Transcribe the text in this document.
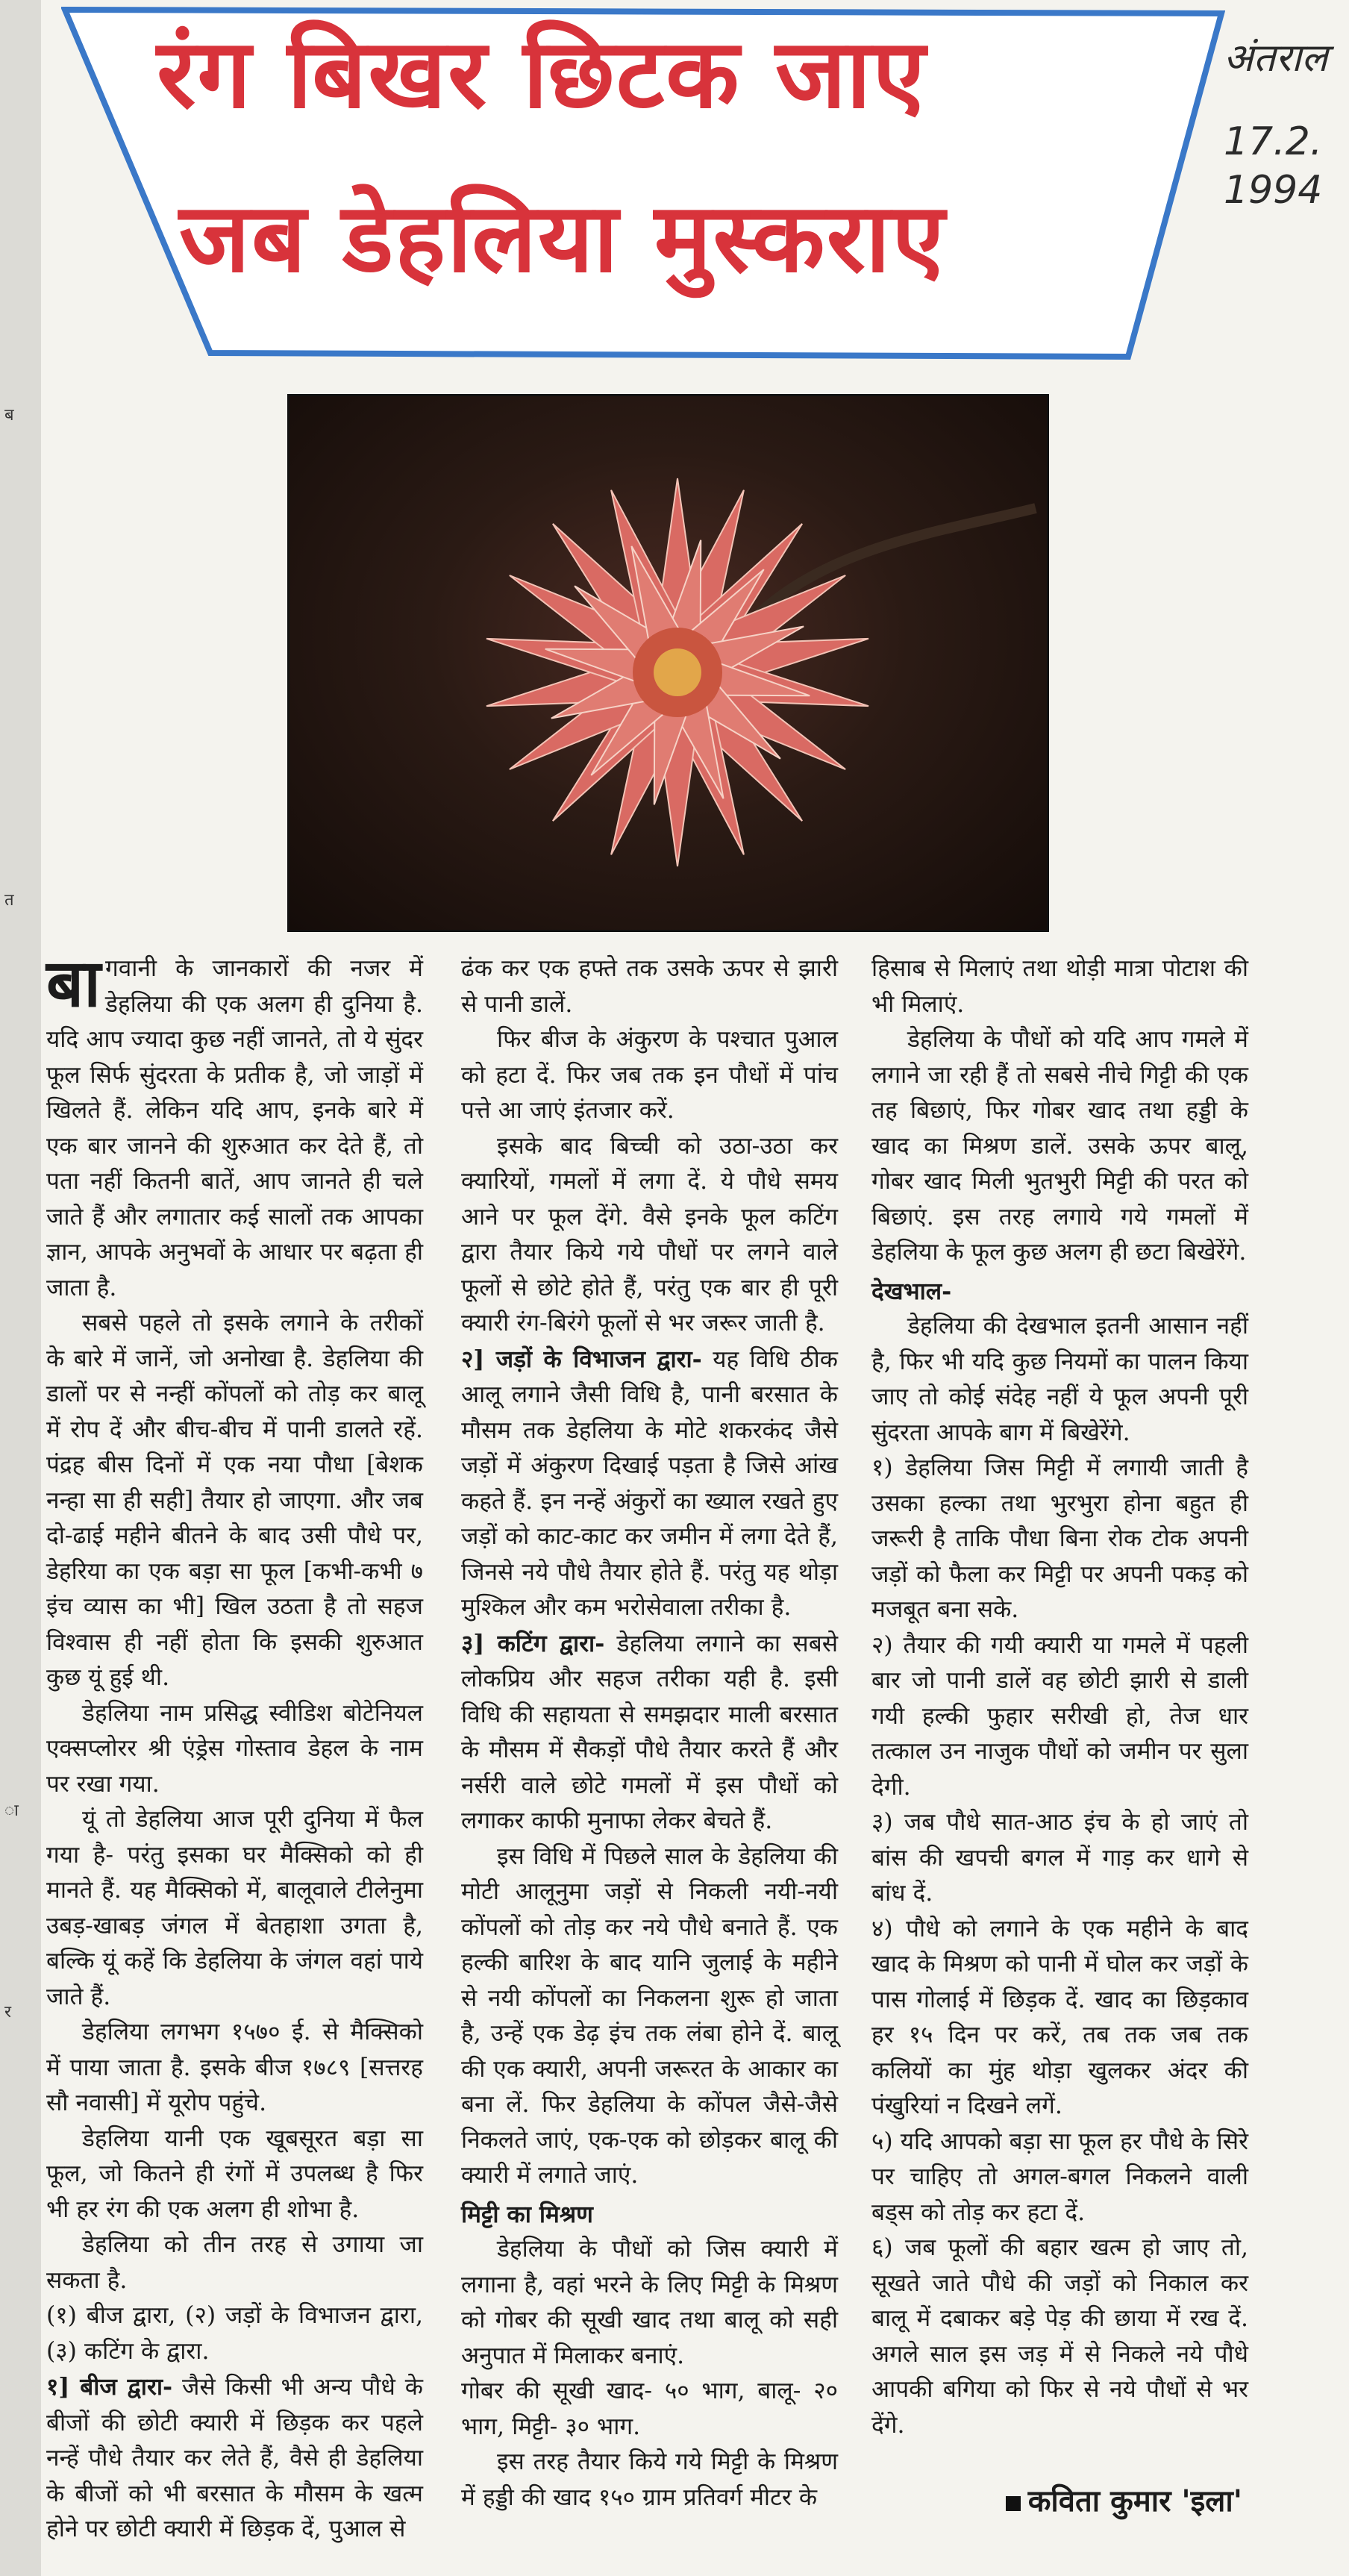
ब
त
ा
र
रंग बिखर छिटक जाए
जब डेहलिया मुस्कराए
अंतराल
17.2.
1994

बागवानी के जानकारों की नजर में डेहलिया की एक अलग ही दुनिया है. यदि आप ज्यादा कुछ नहीं जानते, तो ये सुंदर फूल सिर्फ सुंदरता के प्रतीक है, जो जाड़ों में खिलते हैं. लेकिन यदि आप, इनके बारे में एक बार जानने की शुरुआत कर देते हैं, तो पता नहीं कितनी बातें, आप जानते ही चले जाते हैं और लगातार कई सालों तक आपका ज्ञान, आपके अनुभवों के आधार पर बढ़ता ही जाता है.

सबसे पहले तो इसके लगाने के तरीकों के बारे में जानें, जो अनोखा है. डेहलिया की डालों पर से नन्हीं कोंपलों को तोड़ कर बालू में रोप दें और बीच-बीच में पानी डालते रहें. पंद्रह बीस दिनों में एक नया पौधा [बेशक नन्हा सा ही सही] तैयार हो जाएगा. और जब दो-ढाई महीने बीतने के बाद उसी पौधे पर, डेहरिया का एक बड़ा सा फूल [कभी-कभी ७ इंच व्यास का भी] खिल उठता है तो सहज विश्वास ही नहीं होता कि इसकी शुरुआत कुछ यूं हुई थी.

डेहलिया नाम प्रसिद्ध स्वीडिश बोटेनियल एक्सप्लोरर श्री एंड्रेस गोस्ताव डेहल के नाम पर रखा गया.

यूं तो डेहलिया आज पूरी दुनिया में फैल गया है- परंतु इसका घर मैक्सिको को ही मानते हैं. यह मैक्सिको में, बालूवाले टीलेनुमा उबड़-खाबड़ जंगल में बेतहाशा उगता है, बल्कि यूं कहें कि डेहलिया के जंगल वहां पाये जाते हैं.

डेहलिया लगभग १५७० ई. से मैक्सिको में पाया जाता है. इसके बीज १७८९ [सत्तरह सौ नवासी] में यूरोप पहुंचे.

डेहलिया यानी एक खूबसूरत बड़ा सा फूल, जो कितने ही रंगों में उपलब्ध है फिर भी हर रंग की एक अलग ही शोभा है.

डेहलिया को तीन तरह से उगाया जा सकता है.

(१) बीज द्वारा, (२) जड़ों के विभाजन द्वारा, (३) कटिंग के द्वारा.

१] बीज द्वारा- जैसे किसी भी अन्य पौधे के बीजों की छोटी क्यारी में छिड़क कर पहले नन्हें पौधे तैयार कर लेते हैं, वैसे ही डेहलिया के बीजों को भी बरसात के मौसम के खत्म होने पर छोटी क्यारी में छिड़क दें, पुआल से

ढंक कर एक हफ्ते तक उसके ऊपर से झारी से पानी डालें.

फिर बीज के अंकुरण के पश्चात पुआल को हटा दें. फिर जब तक इन पौधों में पांच पत्ते आ जाएं इंतजार करें.

इसके बाद बिच्ची को उठा-उठा कर क्यारियों, गमलों में लगा दें. ये पौधे समय आने पर फूल देंगे. वैसे इनके फूल कटिंग द्वारा तैयार किये गये पौधों पर लगने वाले फूलों से छोटे होते हैं, परंतु एक बार ही पूरी क्यारी रंग-बिरंगे फूलों से भर जरूर जाती है.

२] जड़ों के विभाजन द्वारा- यह विधि ठीक आलू लगाने जैसी विधि है, पानी बरसात के मौसम तक डेहलिया के मोटे शकरकंद जैसे जड़ों में अंकुरण दिखाई पड़ता है जिसे आंख कहते हैं. इन नन्हें अंकुरों का ख्याल रखते हुए जड़ों को काट-काट कर जमीन में लगा देते हैं, जिनसे नये पौधे तैयार होते हैं. परंतु यह थोड़ा मुश्किल और कम भरोसेवाला तरीका है.

३] कटिंग द्वारा- डेहलिया लगाने का सबसे लोकप्रिय और सहज तरीका यही है. इसी विधि की सहायता से समझदार माली बरसात के मौसम में सैकड़ों पौधे तैयार करते हैं और नर्सरी वाले छोटे गमलों में इस पौधों को लगाकर काफी मुनाफा लेकर बेचते हैं.

इस विधि में पिछले साल के डेहलिया की मोटी आलूनुमा जड़ों से निकली नयी-नयी कोंपलों को तोड़ कर नये पौधे बनाते हैं. एक हल्की बारिश के बाद यानि जुलाई के महीने से नयी कोंपलों का निकलना शुरू हो जाता है, उन्हें एक डेढ़ इंच तक लंबा होने दें. बालू की एक क्यारी, अपनी जरूरत के आकार का बना लें. फिर डेहलिया के कोंपल जैसे-जैसे निकलते जाएं, एक-एक को छोड़कर बालू की क्यारी में लगाते जाएं.

मिट्टी का मिश्रण

डेहलिया के पौधों को जिस क्यारी में लगाना है, वहां भरने के लिए मिट्टी के मिश्रण को गोबर की सूखी खाद तथा बालू को सही अनुपात में मिलाकर बनाएं.

गोबर की सूखी खाद- ५० भाग, बालू- २० भाग, मिट्टी- ३० भाग.

इस तरह तैयार किये गये मिट्टी के मिश्रण में हड्डी की खाद १५० ग्राम प्रतिवर्ग मीटर के

हिसाब से मिलाएं तथा थोड़ी मात्रा पोटाश की भी मिलाएं.

डेहलिया के पौधों को यदि आप गमले में लगाने जा रही हैं तो सबसे नीचे गिट्टी की एक तह बिछाएं, फिर गोबर खाद तथा हड्डी के खाद का मिश्रण डालें. उसके ऊपर बालू, गोबर खाद मिली भुतभुरी मिट्टी की परत को बिछाएं. इस तरह लगाये गये गमलों में डेहलिया के फूल कुछ अलग ही छटा बिखेरेंगे.

देखभाल-

डेहलिया की देखभाल इतनी आसान नहीं है, फिर भी यदि कुछ नियमों का पालन किया जाए तो कोई संदेह नहीं ये फूल अपनी पूरी सुंदरता आपके बाग में बिखेरेंगे.

१) डेहलिया जिस मिट्टी में लगायी जाती है उसका हल्का तथा भुरभुरा होना बहुत ही जरूरी है ताकि पौधा बिना रोक टोक अपनी जड़ों को फैला कर मिट्टी पर अपनी पकड़ को मजबूत बना सके.

२) तैयार की गयी क्यारी या गमले में पहली बार जो पानी डालें वह छोटी झारी से डाली गयी हल्की फुहार सरीखी हो, तेज धार तत्काल उन नाजुक पौधों को जमीन पर सुला देगी.

३) जब पौधे सात-आठ इंच के हो जाएं तो बांस की खपची बगल में गाड़ कर धागे से बांध दें.

४) पौधे को लगाने के एक महीने के बाद खाद के मिश्रण को पानी में घोल कर जड़ों के पास गोलाई में छिड़क दें. खाद का छिड़काव हर १५ दिन पर करें, तब तक जब तक कलियों का मुंह थोड़ा खुलकर अंदर की पंखुरियां न दिखने लगें.

५) यदि आपको बड़ा सा फूल हर पौधे के सिरे पर चाहिए तो अगल-बगल निकलने वाली बड्स को तोड़ कर हटा दें.

६) जब फूलों की बहार खत्म हो जाए तो, सूखते जाते पौधे की जड़ों को निकाल कर बालू में दबाकर बड़े पेड़ की छाया में रख दें. अगले साल इस जड़ में से निकले नये पौधे आपकी बगिया को फिर से नये पौधों से भर देंगे.

कविता कुमार 'इला'
